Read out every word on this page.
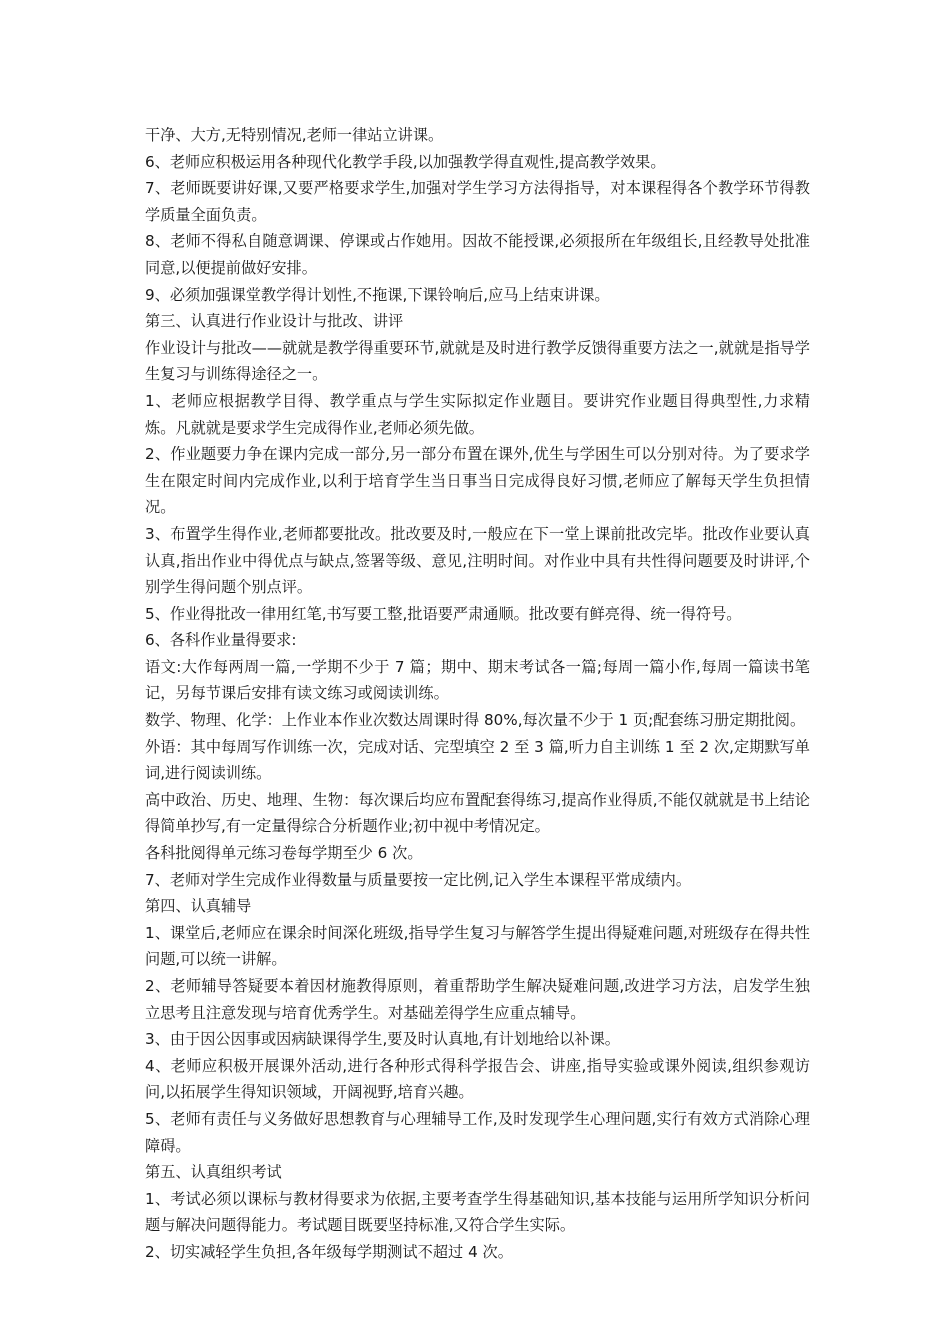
干净、大方,无特别情况,老师一律站立讲课。

6、老师应积极运用各种现代化教学手段,以加强教学得直观性,提高教学效果。

7、老师既要讲好课,又要严格要求学生,加强对学生学习方法得指导，对本课程得各个教学环节得教学质量全面负责。

8、老师不得私自随意调课、停课或占作她用。因故不能授课,必须报所在年级组长,且经教导处批准同意,以便提前做好安排。

9、必须加强课堂教学得计划性,不拖课,下课铃响后,应马上结束讲课。

第三、认真进行作业设计与批改、讲评

作业设计与批改——就就是教学得重要环节,就就是及时进行教学反馈得重要方法之一,就就是指导学生复习与训练得途径之一。

1、老师应根据教学目得、教学重点与学生实际拟定作业题目。要讲究作业题目得典型性,力求精炼。凡就就是要求学生完成得作业,老师必须先做。

2、作业题要力争在课内完成一部分,另一部分布置在课外,优生与学困生可以分别对待。为了要求学生在限定时间内完成作业,以利于培育学生当日事当日完成得良好习惯,老师应了解每天学生负担情况。

3、布置学生得作业,老师都要批改。批改要及时,一般应在下一堂上课前批改完毕。批改作业要认真认真,指出作业中得优点与缺点,签署等级、意见,注明时间。对作业中具有共性得问题要及时讲评,个别学生得问题个别点评。

5、作业得批改一律用红笔,书写要工整,批语要严肃通顺。批改要有鲜亮得、统一得符号。

6、各科作业量得要求:

语文:大作每两周一篇,一学期不少于 7 篇；期中、期末考试各一篇;每周一篇小作,每周一篇读书笔记，另每节课后安排有读文练习或阅读训练。

数学、物理、化学：上作业本作业次数达周课时得 80%,每次量不少于 1 页;配套练习册定期批阅。

外语：其中每周写作训练一次，完成对话、完型填空 2 至 3 篇,听力自主训练 1 至 2 次,定期默写单词,进行阅读训练。

高中政治、历史、地理、生物：每次课后均应布置配套得练习,提高作业得质,不能仅就就是书上结论得简单抄写,有一定量得综合分析题作业;初中视中考情况定。

各科批阅得单元练习卷每学期至少 6 次。

7、老师对学生完成作业得数量与质量要按一定比例,记入学生本课程平常成绩内。

第四、认真辅导

1、课堂后,老师应在课余时间深化班级,指导学生复习与解答学生提出得疑难问题,对班级存在得共性问题,可以统一讲解。

2、老师辅导答疑要本着因材施教得原则，着重帮助学生解决疑难问题,改进学习方法，启发学生独立思考且注意发现与培育优秀学生。对基础差得学生应重点辅导。

3、由于因公因事或因病缺课得学生,要及时认真地,有计划地给以补课。

4、老师应积极开展课外活动,进行各种形式得科学报告会、讲座,指导实验或课外阅读,组织参观访问,以拓展学生得知识领域，开阔视野,培育兴趣。

5、老师有责任与义务做好思想教育与心理辅导工作,及时发现学生心理问题,实行有效方式消除心理障碍。

第五、认真组织考试

1、考试必须以课标与教材得要求为依据,主要考查学生得基础知识,基本技能与运用所学知识分析问题与解决问题得能力。考试题目既要坚持标准,又符合学生实际。

2、切实减轻学生负担,各年级每学期测试不超过 4 次。
